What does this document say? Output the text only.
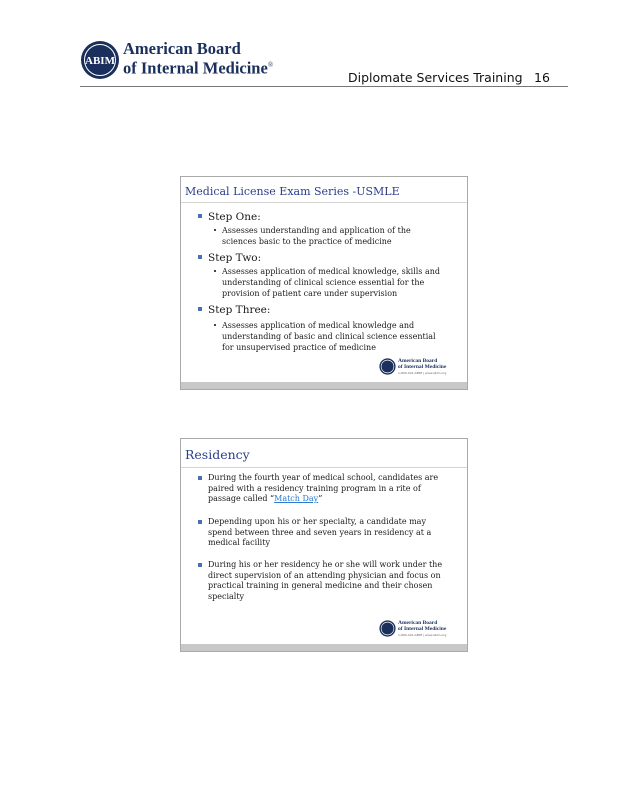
ABIM
American Board
of Internal Medicine®
Diplomate Services Training 16
Medical License Exam Series -USMLE
Step One:
Assesses understanding and application of the
sciences basic to the practice of medicine
Step Two:
Assesses application of medical knowledge, skills and
understanding of clinical science essential for the
provision of patient care under supervision
Step Three:
Assesses application of medical knowledge and
understanding of basic and clinical science essential
for unsupervised practice of medicine
American Board
of Internal Medicine
1-800-441-ABIM | www.abim.org
Residency
During the fourth year of medical school, candidates are
paired with a residency training program in a rite of
passage called “Match Day”
Depending upon his or her specialty, a candidate may
spend between three and seven years in residency at a
medical facility
During his or her residency he or she will work under the
direct supervision of an attending physician and focus on
practical training in general medicine and their chosen
specialty
American Board
of Internal Medicine
1-800-441-ABIM | www.abim.org
